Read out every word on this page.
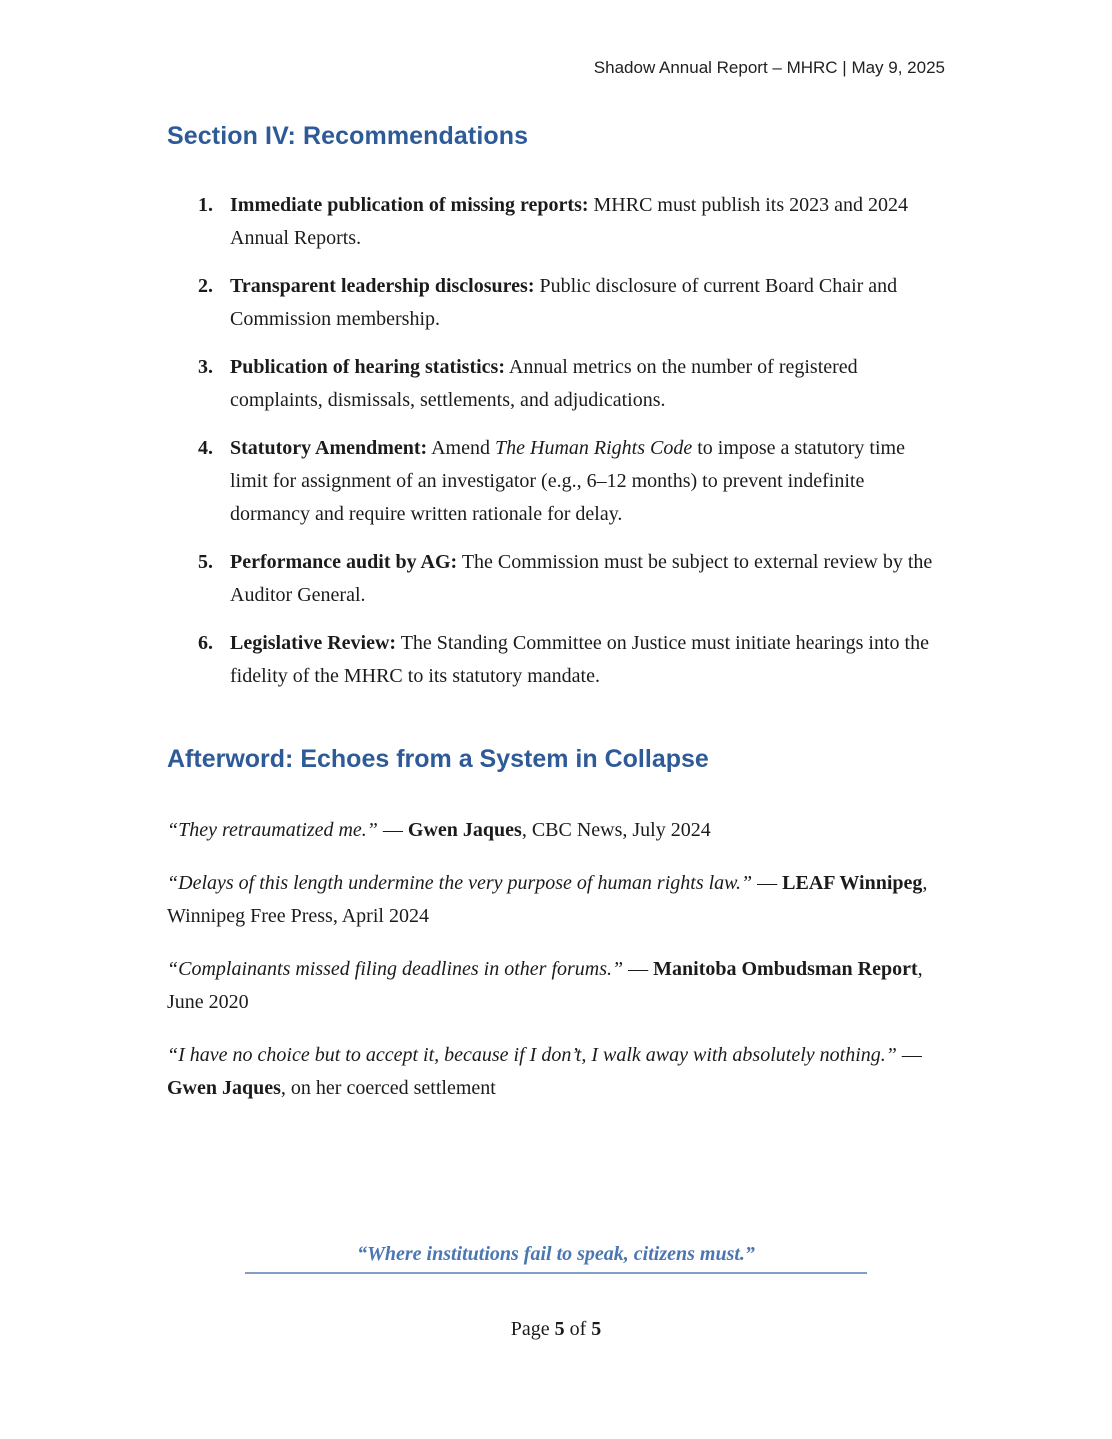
Shadow Annual Report – MHRC | May 9, 2025
Section IV: Recommendations
1. Immediate publication of missing reports: MHRC must publish its 2023 and 2024 Annual Reports.
2. Transparent leadership disclosures: Public disclosure of current Board Chair and Commission membership.
3. Publication of hearing statistics: Annual metrics on the number of registered complaints, dismissals, settlements, and adjudications.
4. Statutory Amendment: Amend The Human Rights Code to impose a statutory time limit for assignment of an investigator (e.g., 6–12 months) to prevent indefinite dormancy and require written rationale for delay.
5. Performance audit by AG: The Commission must be subject to external review by the Auditor General.
6. Legislative Review: The Standing Committee on Justice must initiate hearings into the fidelity of the MHRC to its statutory mandate.
Afterword: Echoes from a System in Collapse

“They retraumatized me.” — Gwen Jaques, CBC News, July 2024

“Delays of this length undermine the very purpose of human rights law.” — LEAF Winnipeg, Winnipeg Free Press, April 2024

“Complainants missed filing deadlines in other forums.” — Manitoba Ombudsman Report, June 2020

“I have no choice but to accept it, because if I don’t, I walk away with absolutely nothing.” — Gwen Jaques, on her coerced settlement

“Where institutions fail to speak, citizens must.”
Page 5 of 5
